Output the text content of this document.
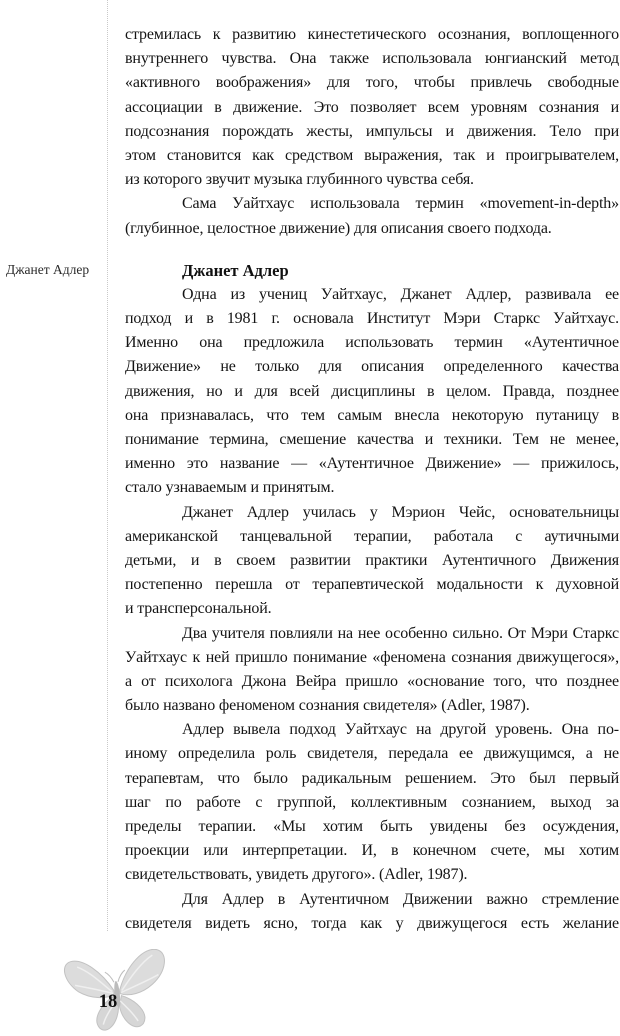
Джанет Адлер
стремилась к развитию кинестетического осознания, воплощенного
внутреннего чувства. Она также использовала юнгианский метод
«активного воображения» для того, чтобы привлечь свободные
ассоциации в движение. Это позволяет всем уровням сознания и
подсознания порождать жесты, импульсы и движения. Тело при
этом становится как средством выражения, так и проигрывателем,
из которого звучит музыка глубинного чувства себя.
Сама Уайтхаус использовала термин «movement-in-depth»
(глубинное, целостное движение) для описания своего подхода.
Джанет Адлер
Одна из учениц Уайтхаус, Джанет Адлер, развивала ее
подход и в 1981 г. основала Институт Мэри Старкс Уайтхаус.
Именно она предложила использовать термин «Аутентичное
Движение» не только для описания определенного качества
движения, но и для всей дисциплины в целом. Правда, позднее
она признавалась, что тем самым внесла некоторую путаницу в
понимание термина, смешение качества и техники. Тем не менее,
именно это название — «Аутентичное Движение» — прижилось,
стало узнаваемым и принятым.
Джанет Адлер училась у Мэрион Чейс, основательницы
американской танцевальной терапии, работала с аутичными
детьми, и в своем развитии практики Аутентичного Движения
постепенно перешла от терапевтической модальности к духовной
и трансперсональной.
Два учителя повлияли на нее особенно сильно. От Мэри Старкс
Уайтхаус к ней пришло понимание «феномена сознания движущегося»,
а от психолога Джона Вейра пришло «основание того, что позднее
было названо феноменом сознания свидетеля» (Adler, 1987).
Адлер вывела подход Уайтхаус на другой уровень. Она по-
иному определила роль свидетеля, передала ее движущимся, а не
терапевтам, что было радикальным решением. Это был первый
шаг по работе с группой, коллективным сознанием, выход за
пределы терапии. «Мы хотим быть увидены без осуждения,
проекции или интерпретации. И, в конечном счете, мы хотим
свидетельствовать, увидеть другого». (Adler, 1987).
Для Адлер в Аутентичном Движении важно стремление
свидетеля видеть ясно, тогда как у движущегося есть желание
18
